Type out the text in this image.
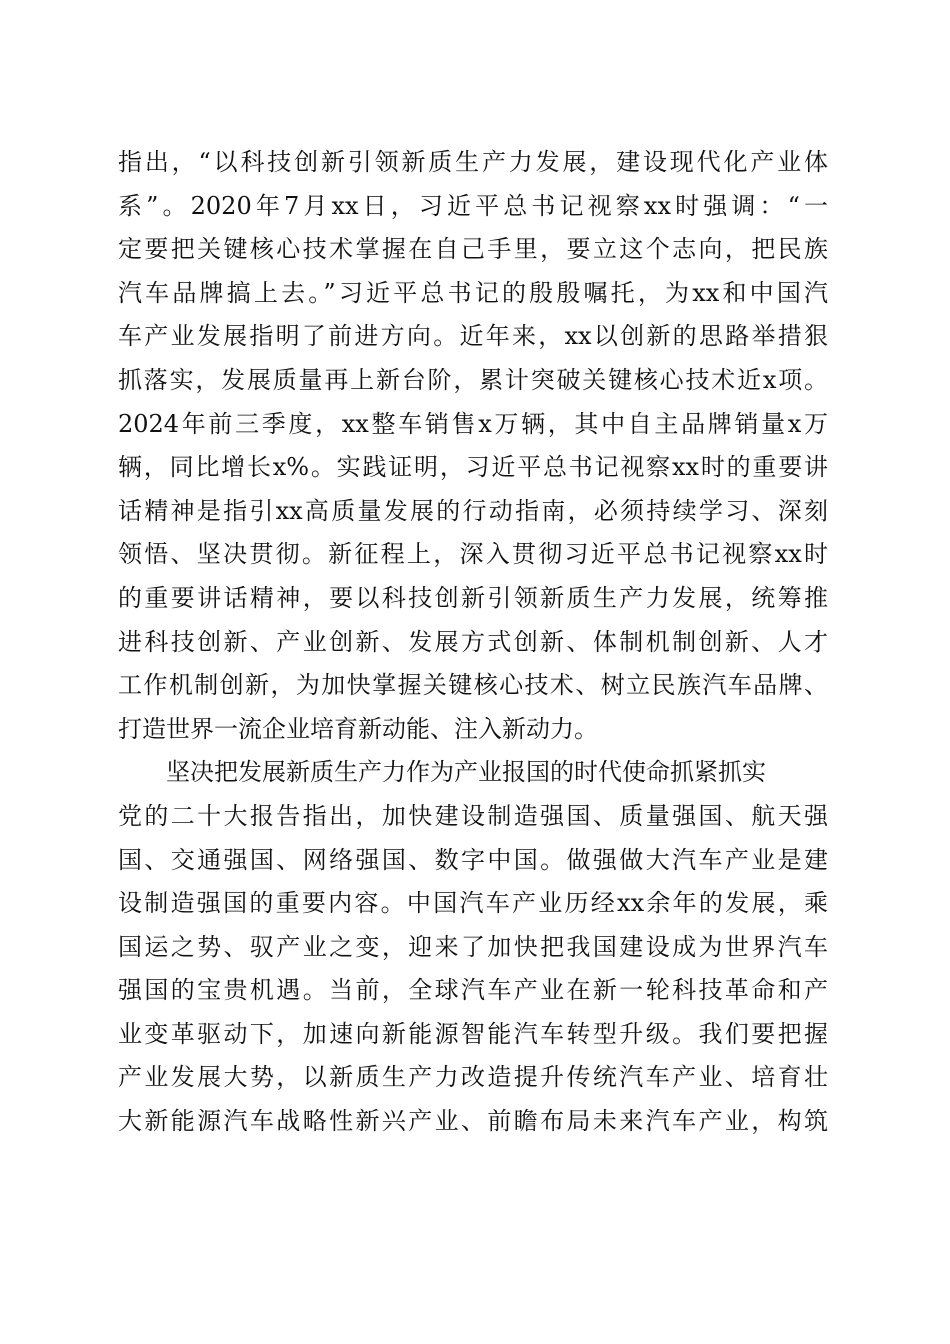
指出，“以科技创新引领新质生产力发展，建设现代化产业体
系”。2020年7月xx日，习近平总书记视察xx时强调：“一
定要把关键核心技术掌握在自己手里，要立这个志向，把民族
汽车品牌搞上去。”习近平总书记的殷殷嘱托，为xx和中国汽
车产业发展指明了前进方向。近年来，xx以创新的思路举措狠
抓落实，发展质量再上新台阶，累计突破关键核心技术近x项。
2024年前三季度，xx整车销售x万辆，其中自主品牌销量x万
辆，同比增长x%。实践证明，习近平总书记视察xx时的重要讲
话精神是指引xx高质量发展的行动指南，必须持续学习、深刻
领悟、坚决贯彻。新征程上，深入贯彻习近平总书记视察xx时
的重要讲话精神，要以科技创新引领新质生产力发展，统筹推
进科技创新、产业创新、发展方式创新、体制机制创新、人才
工作机制创新，为加快掌握关键核心技术、树立民族汽车品牌、
打造世界一流企业培育新动能、注入新动力。
坚决把发展新质生产力作为产业报国的时代使命抓紧抓实
党的二十大报告指出，加快建设制造强国、质量强国、航天强
国、交通强国、网络强国、数字中国。做强做大汽车产业是建
设制造强国的重要内容。中国汽车产业历经xx余年的发展，乘
国运之势、驭产业之变，迎来了加快把我国建设成为世界汽车
强国的宝贵机遇。当前，全球汽车产业在新一轮科技革命和产
业变革驱动下，加速向新能源智能汽车转型升级。我们要把握
产业发展大势，以新质生产力改造提升传统汽车产业、培育壮
大新能源汽车战略性新兴产业、前瞻布局未来汽车产业，构筑
